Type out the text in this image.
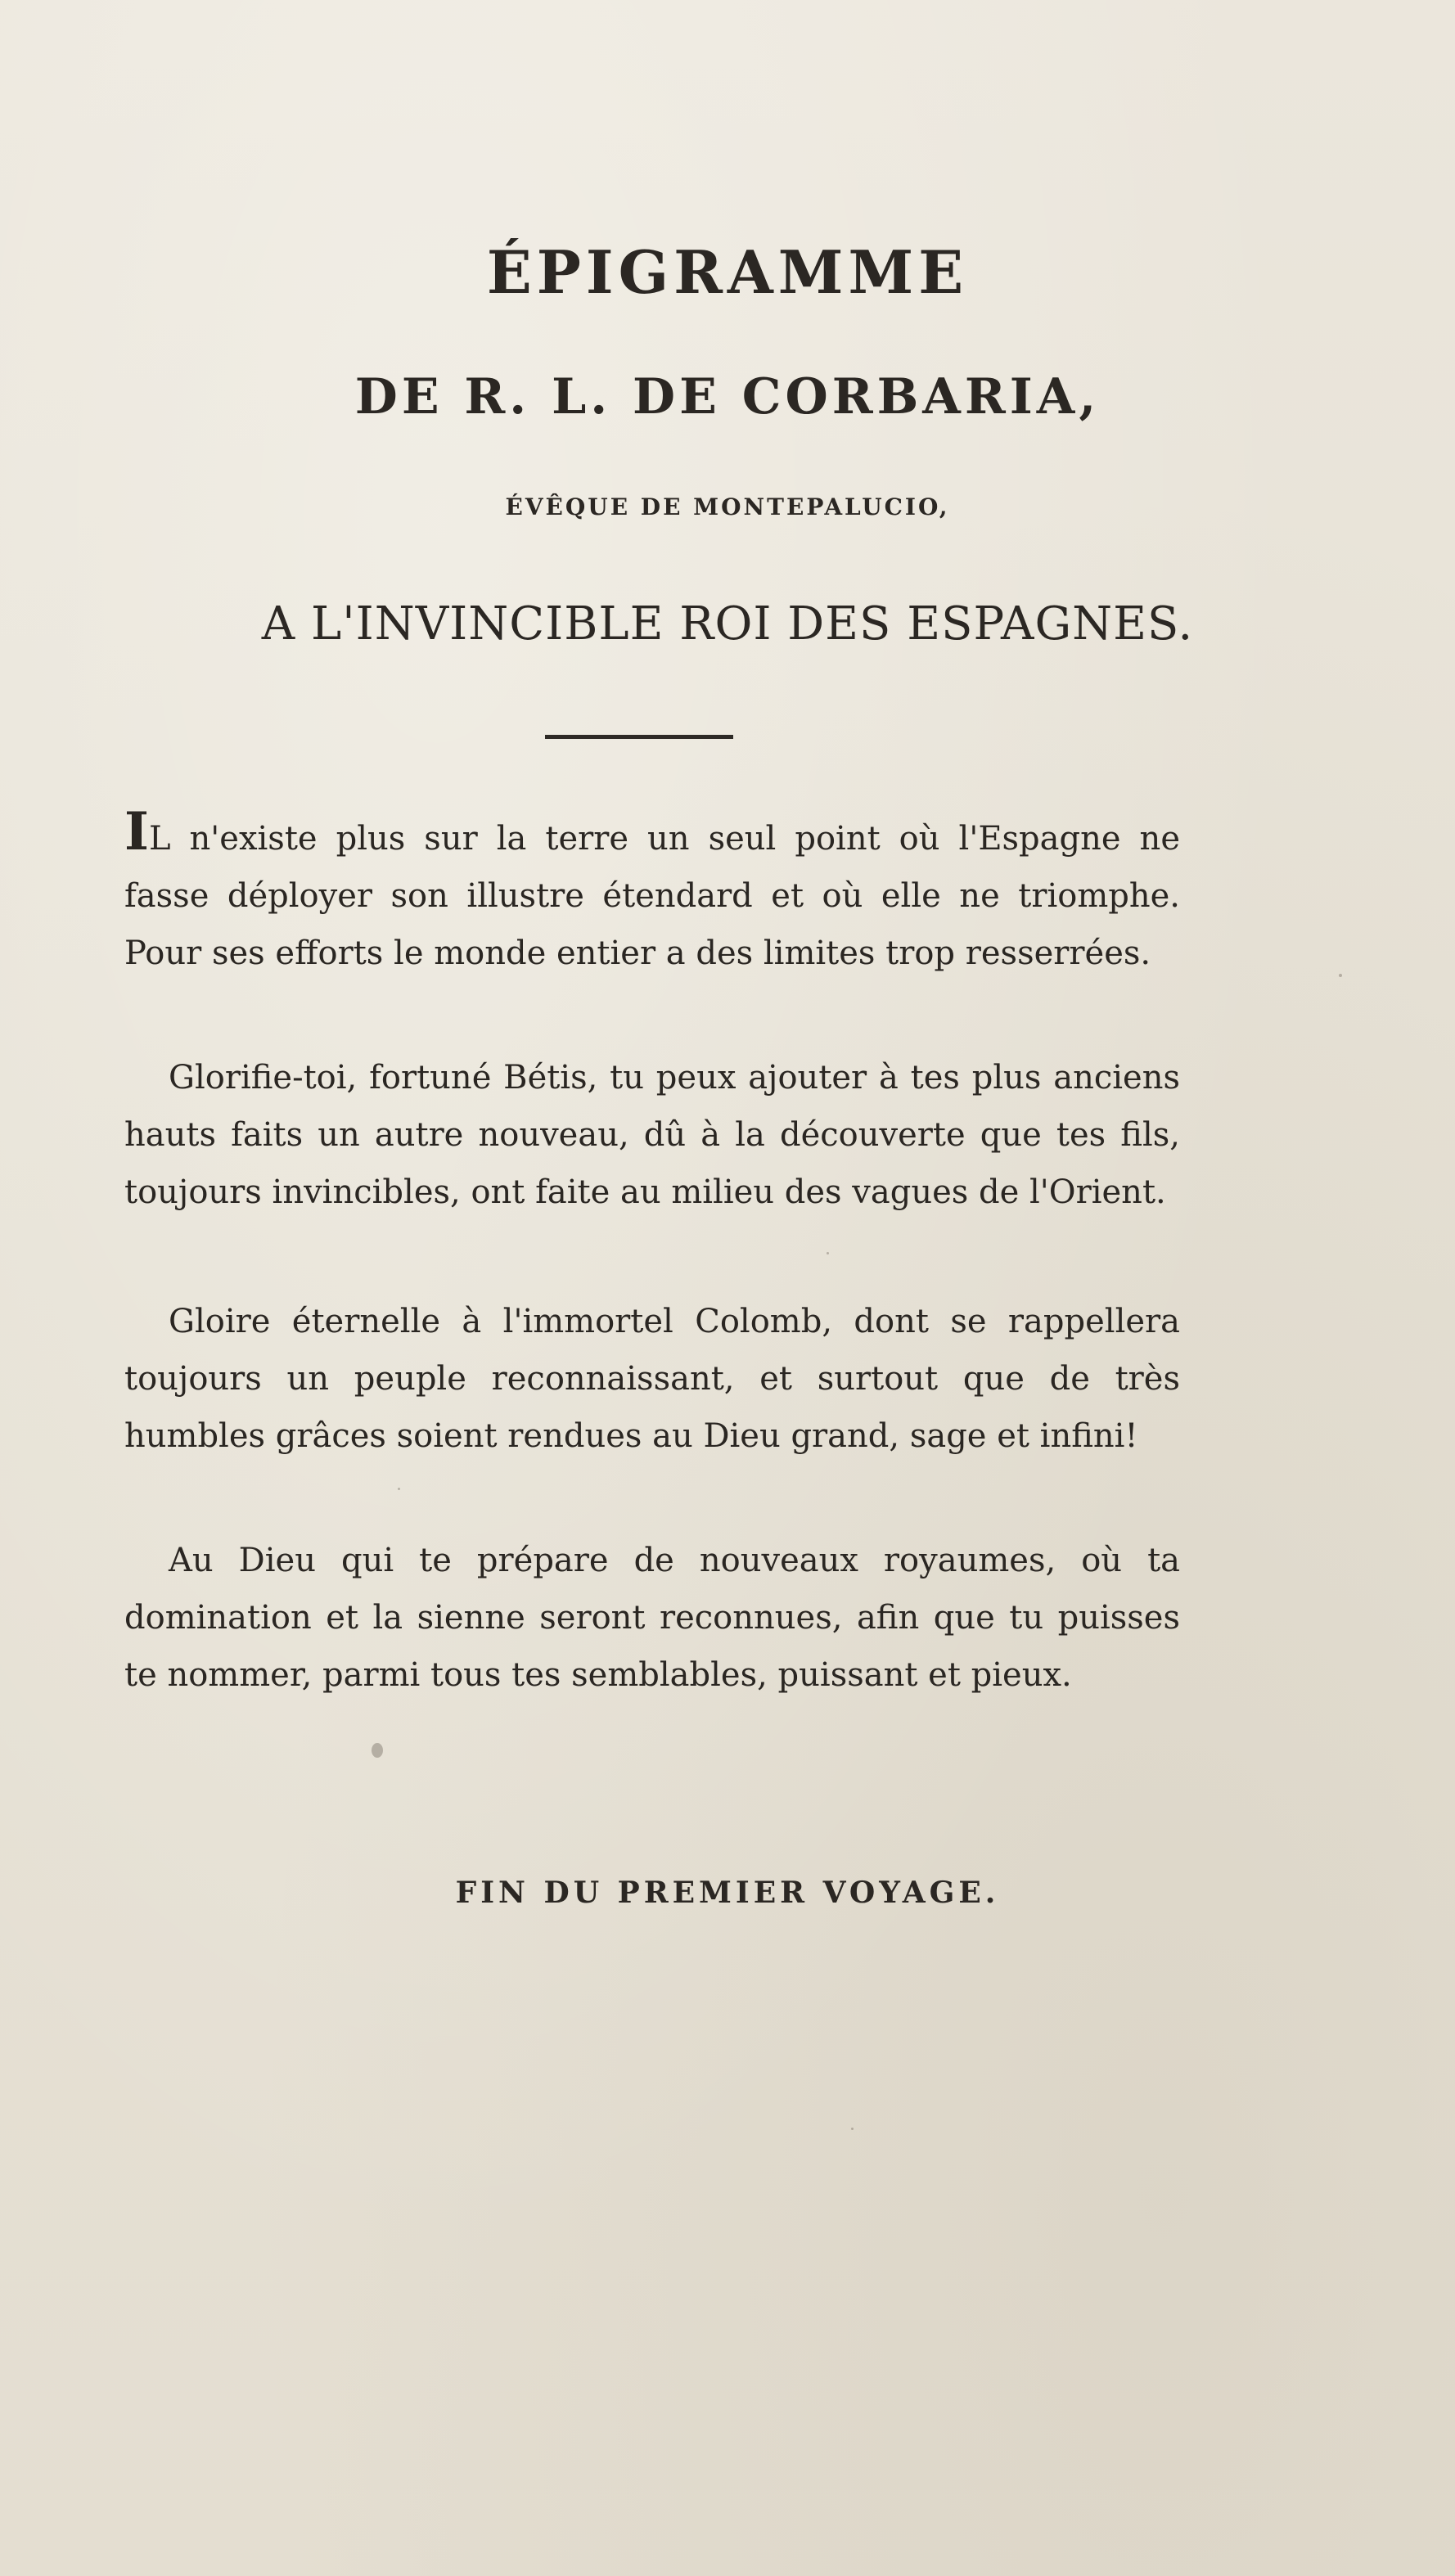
ÉPIGRAMME
DE R. L. DE CORBARIA,
ÉVÊQUE DE MONTEPALUCIO,
A L'INVINCIBLE ROI DES ESPAGNES.
IL n'existe plus sur la terre un seul point où l'Espagne ne fasse déployer son illustre étendard et où elle ne triomphe. Pour ses efforts le monde entier a des limites trop resserrées.
Glorifie-toi, fortuné Bétis, tu peux ajouter à tes plus anciens hauts faits un autre nouveau, dû à la découverte que tes fils, toujours invincibles, ont faite au milieu des vagues de l'Orient.
Gloire éternelle à l'immortel Colomb, dont se rappellera toujours un peuple reconnaissant, et surtout que de très humbles grâces soient rendues au Dieu grand, sage et infini!
Au Dieu qui te prépare de nouveaux royaumes, où ta domination et la sienne seront reconnues, afin que tu puisses te nommer, parmi tous tes semblables, puissant et pieux.
FIN DU PREMIER VOYAGE.
